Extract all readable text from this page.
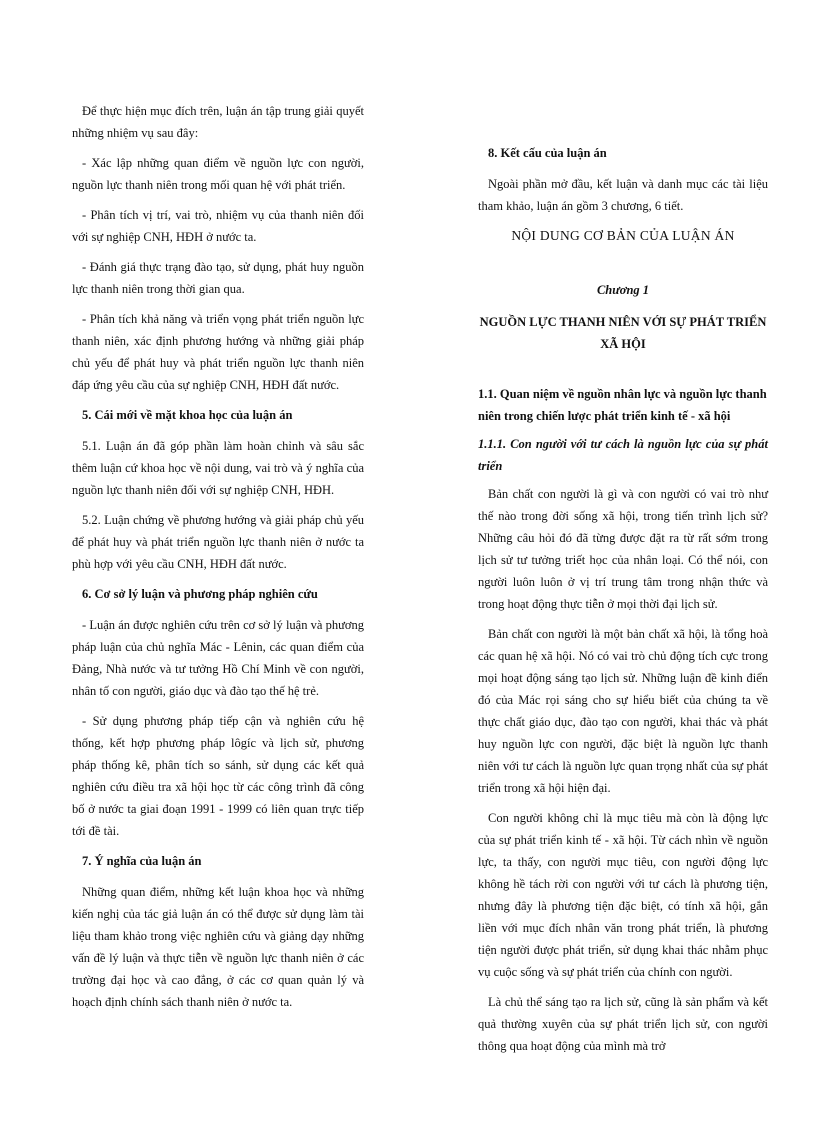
Để thực hiện mục đích trên, luận án tập trung giải quyết những nhiệm vụ sau đây:

- Xác lập những quan điểm về nguồn lực con người, nguồn lực thanh niên trong mối quan hệ với phát triển.

- Phân tích vị trí, vai trò, nhiệm vụ của thanh niên đối với sự nghiệp CNH, HĐH ở nước ta.

- Đánh giá thực trạng đào tạo, sử dụng, phát huy nguồn lực thanh niên trong thời gian qua.

- Phân tích khả năng và triển vọng phát triển nguồn lực thanh niên, xác định phương hướng và những giải pháp chủ yếu để phát huy và phát triển nguồn lực thanh niên đáp ứng yêu cầu của sự nghiệp CNH, HĐH đất nước.

5. Cái mới về mặt khoa học của luận án

5.1. Luận án đã góp phần làm hoàn chỉnh và sâu sắc thêm luận cứ khoa học về nội dung, vai trò và ý nghĩa của nguồn lực thanh niên đối với sự nghiệp CNH, HĐH.

5.2. Luận chứng về phương hướng và giải pháp chủ yếu để phát huy và phát triển nguồn lực thanh niên ở nước ta phù hợp với yêu cầu CNH, HĐH đất nước.

6. Cơ sở lý luận và phương pháp nghiên cứu

- Luận án được nghiên cứu trên cơ sở lý luận và phương pháp luận của chủ nghĩa Mác - Lênin, các quan điểm của Đảng, Nhà nước và tư tưởng Hồ Chí Minh về con người, nhân tố con người, giáo dục và đào tạo thế hệ trẻ.

- Sử dụng phương pháp tiếp cận và nghiên cứu hệ thống, kết hợp phương pháp lôgíc và lịch sử, phương pháp thống kê, phân tích so sánh, sử dụng các kết quả nghiên cứu điều tra xã hội học từ các công trình đã công bố ở nước ta giai đoạn 1991 - 1999 có liên quan trực tiếp tới đề tài.

7. Ý nghĩa của luận án

Những quan điểm, những kết luận khoa học và những kiến nghị của tác giả luận án có thể được sử dụng làm tài liệu tham khảo trong việc nghiên cứu và giảng dạy những vấn đề lý luận và thực tiễn về nguồn lực thanh niên ở các trường đại học và cao đẳng, ở các cơ quan quản lý và hoạch định chính sách thanh niên ở nước ta.

8. Kết cấu của luận án

Ngoài phần mở đầu, kết luận và danh mục các tài liệu tham khảo, luận án gồm 3 chương, 6 tiết.

NỘI DUNG CƠ BẢN CỦA LUẬN ÁN

Chương 1

NGUỒN LỰC THANH NIÊN VỚI SỰ PHÁT TRIỂN XÃ HỘI

1.1. Quan niệm về nguồn nhân lực và nguồn lực thanh niên trong chiến lược phát triển kinh tế - xã hội

1.1.1. Con người với tư cách là nguồn lực của sự phát triển

Bản chất con người là gì và con người có vai trò như thế nào trong đời sống xã hội, trong tiến trình lịch sử? Những câu hỏi đó đã từng được đặt ra từ rất sớm trong lịch sử tư tưởng triết học của nhân loại. Có thể nói, con người luôn luôn ở vị trí trung tâm trong nhận thức và trong hoạt động thực tiễn ở mọi thời đại lịch sử.

Bản chất con người là một bản chất xã hội, là tổng hoà các quan hệ xã hội. Nó có vai trò chủ động tích cực trong mọi hoạt động sáng tạo lịch sử. Những luận đề kinh điển đó của Mác rọi sáng cho sự hiểu biết của chúng ta về thực chất giáo dục, đào tạo con người, khai thác và phát huy nguồn lực con người, đặc biệt là nguồn lực thanh niên với tư cách là nguồn lực quan trọng nhất của sự phát triển trong xã hội hiện đại.

Con người không chỉ là mục tiêu mà còn là động lực của sự phát triển kinh tế - xã hội. Từ cách nhìn về nguồn lực, ta thấy, con người mục tiêu, con người động lực không hề tách rời con người với tư cách là phương tiện, nhưng đây là phương tiện đặc biệt, có tính xã hội, gắn liền với mục đích nhân văn trong phát triển, là phương tiện người được phát triển, sử dụng khai thác nhằm phục vụ cuộc sống và sự phát triển của chính con người.

Là chủ thể sáng tạo ra lịch sử, cũng là sản phẩm và kết quả thường xuyên của sự phát triển lịch sử, con người thông qua hoạt động của mình mà trở
